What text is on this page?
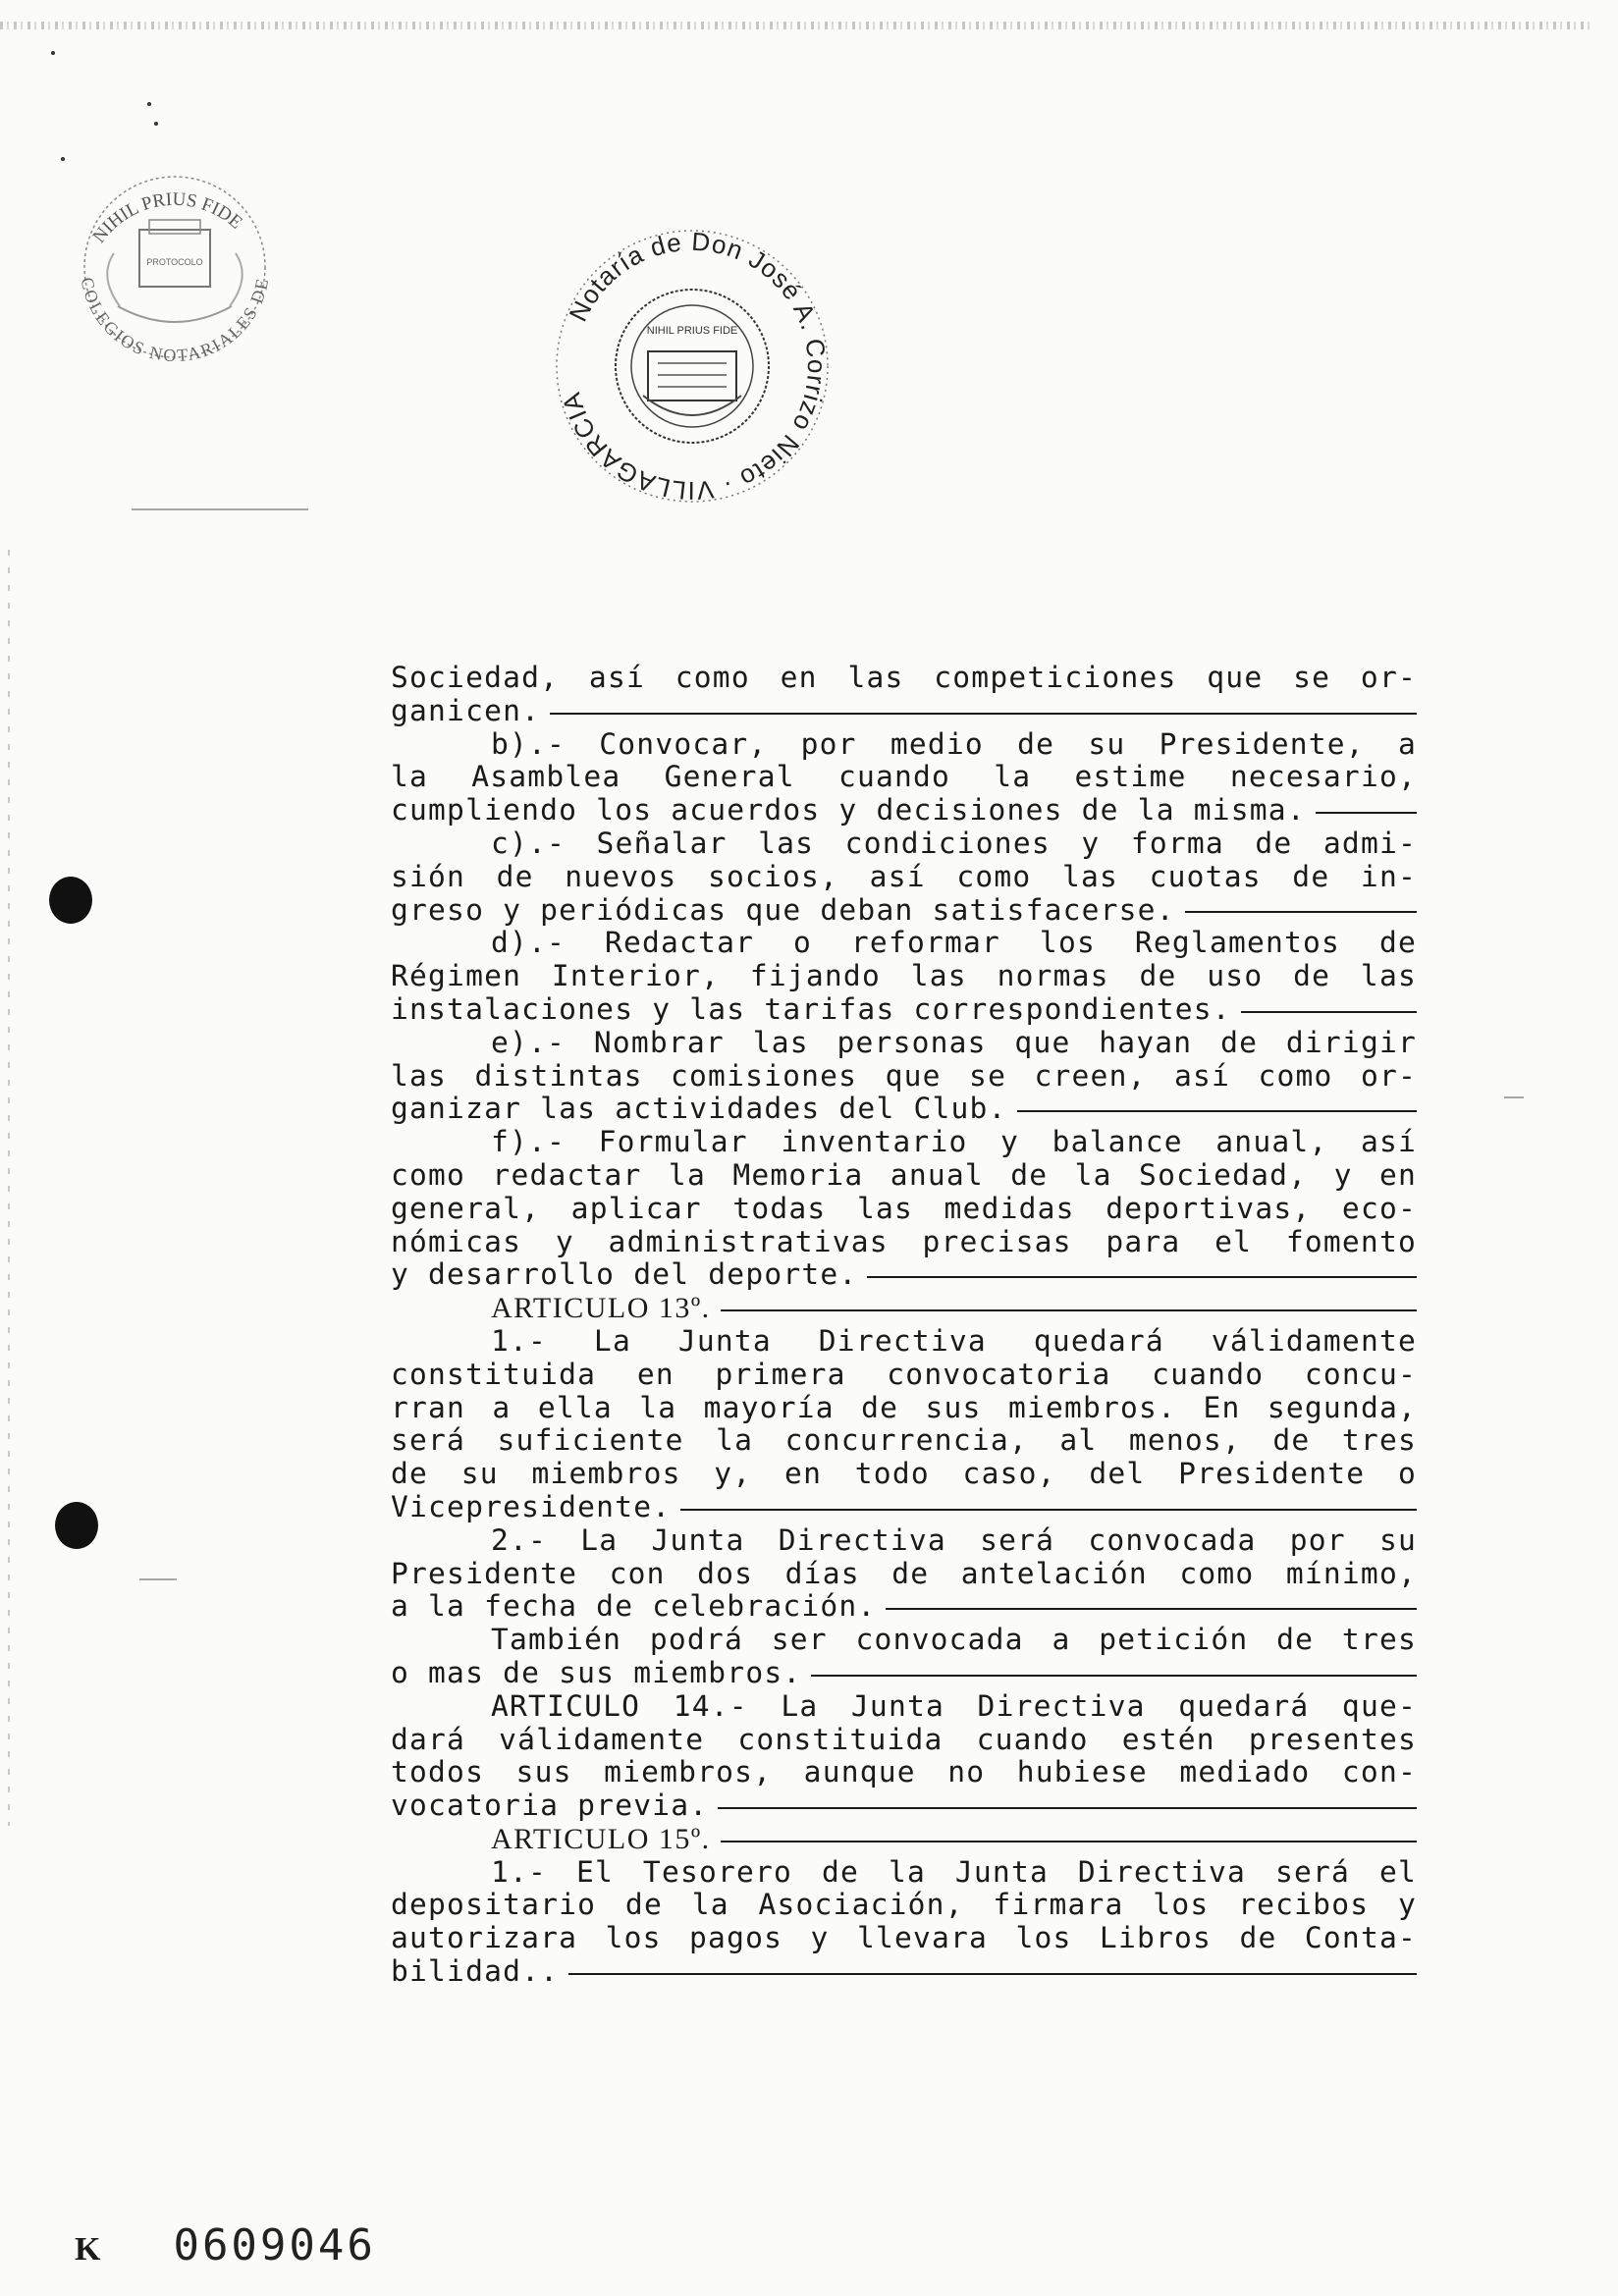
NIHIL PRIUS FIDE
COLEGIOS NOTARIALES DE ESPAÑA
PROTOCOLO
Notaría de Don José A. Corrizo Nieto · VILLAGARCIA
NIHIL PRIUS FIDE
Sociedad, así como en las competiciones que se or-
ganicen.
b).- Convocar, por medio de su Presidente, a
la Asamblea General cuando la estime necesario,
cumpliendo los acuerdos y decisiones de la misma.
c).- Señalar las condiciones y forma de admi-
sión de nuevos socios, así como las cuotas de in-
greso y periódicas que deban satisfacerse.
d).- Redactar o reformar los Reglamentos de
Régimen Interior, fijando las normas de uso de las
instalaciones y las tarifas correspondientes.
e).- Nombrar las personas que hayan de dirigir
las distintas comisiones que se creen, así como or-
ganizar las actividades del Club.
f).- Formular inventario y balance anual, así
como redactar la Memoria anual de la Sociedad, y en
general, aplicar todas las medidas deportivas, eco-
nómicas y administrativas precisas para el fomento
y desarrollo del deporte.
ARTICULO 13º.
1.- La Junta Directiva quedará válidamente
constituida en primera convocatoria cuando concu-
rran a ella la mayoría de sus miembros. En segunda,
será suficiente la concurrencia, al menos, de tres
de su miembros y, en todo caso, del Presidente o
Vicepresidente.
2.- La Junta Directiva será convocada por su
Presidente con dos días de antelación como mínimo,
a la fecha de celebración.
También podrá ser convocada a petición de tres
o mas de sus miembros.
ARTICULO 14.- La Junta Directiva quedará que-
dará válidamente constituida cuando estén presentes
todos sus miembros, aunque no hubiese mediado con-
vocatoria previa.
ARTICULO 15º.
1.- El Tesorero de la Junta Directiva será el
depositario de la Asociación, firmara los recibos y
autorizara los pagos y llevara los Libros de Conta-
bilidad..
K 0609046
